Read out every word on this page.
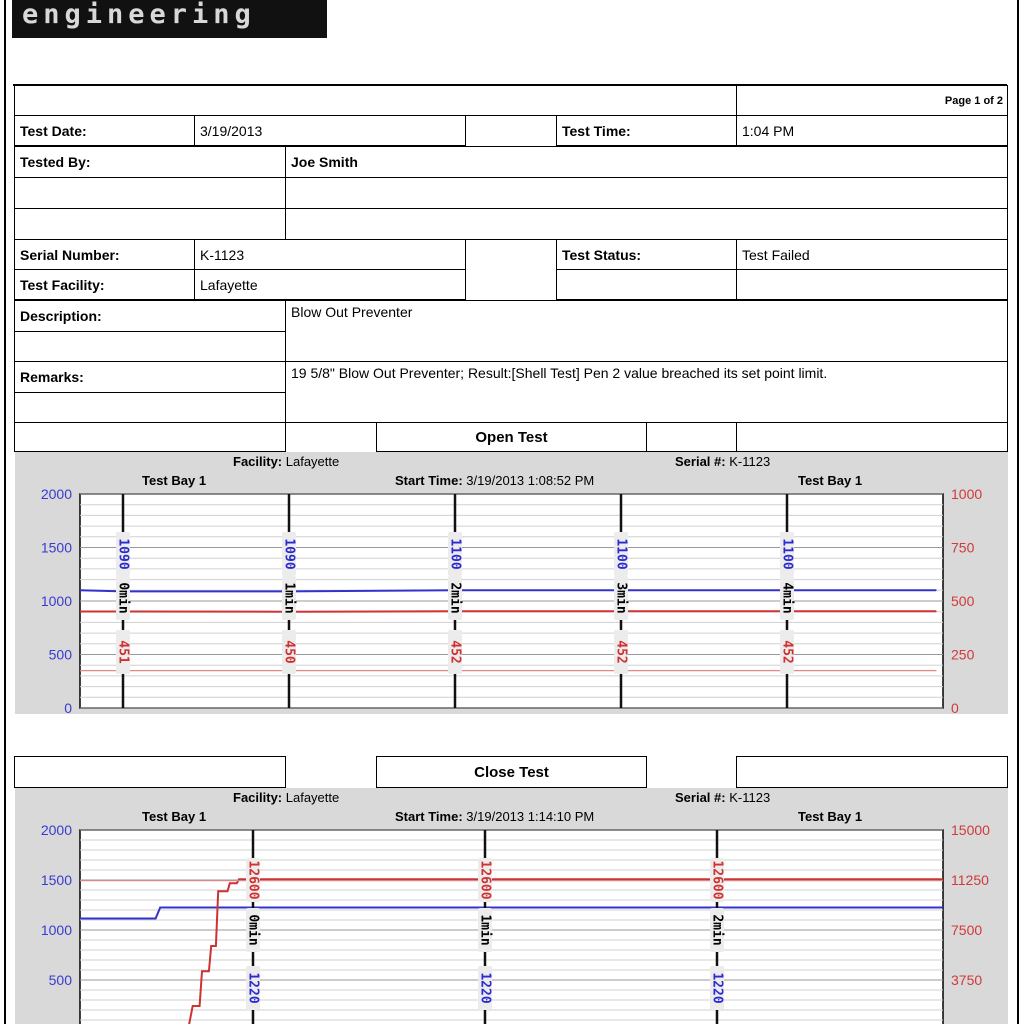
engineering
Page 1 of 2
Test Date:	3/19/2013	Test Time:	1:04 PM
Tested By:	Joe Smith
Serial Number:	K-1123	Test Status:	Test Failed
Test Facility:	Lafayette
Description:	Blow Out Preventer
Remarks:	19 5/8" Blow Out Preventer; Result:[Shell Test] Pen 2 value breached its set point limit.
Open Test
Facility: Lafayette	Serial #: K-1123
Test Bay 1	Start Time: 3/19/2013 1:08:52 PM	Test Bay 1
2000
1500
1000
500
0
1000
750
500
250
0
1090
0min
451
1090
1min
450
1100
2min
452
1100
3min
452
1100
4min
452
Close Test
Facility: Lafayette	Serial #: K-1123
Test Bay 1	Start Time: 3/19/2013 1:14:10 PM	Test Bay 1
2000
1500
1000
500
15000
11250
7500
3750
12600
0min
1220
12600
1min
1220
12600
2min
1220
